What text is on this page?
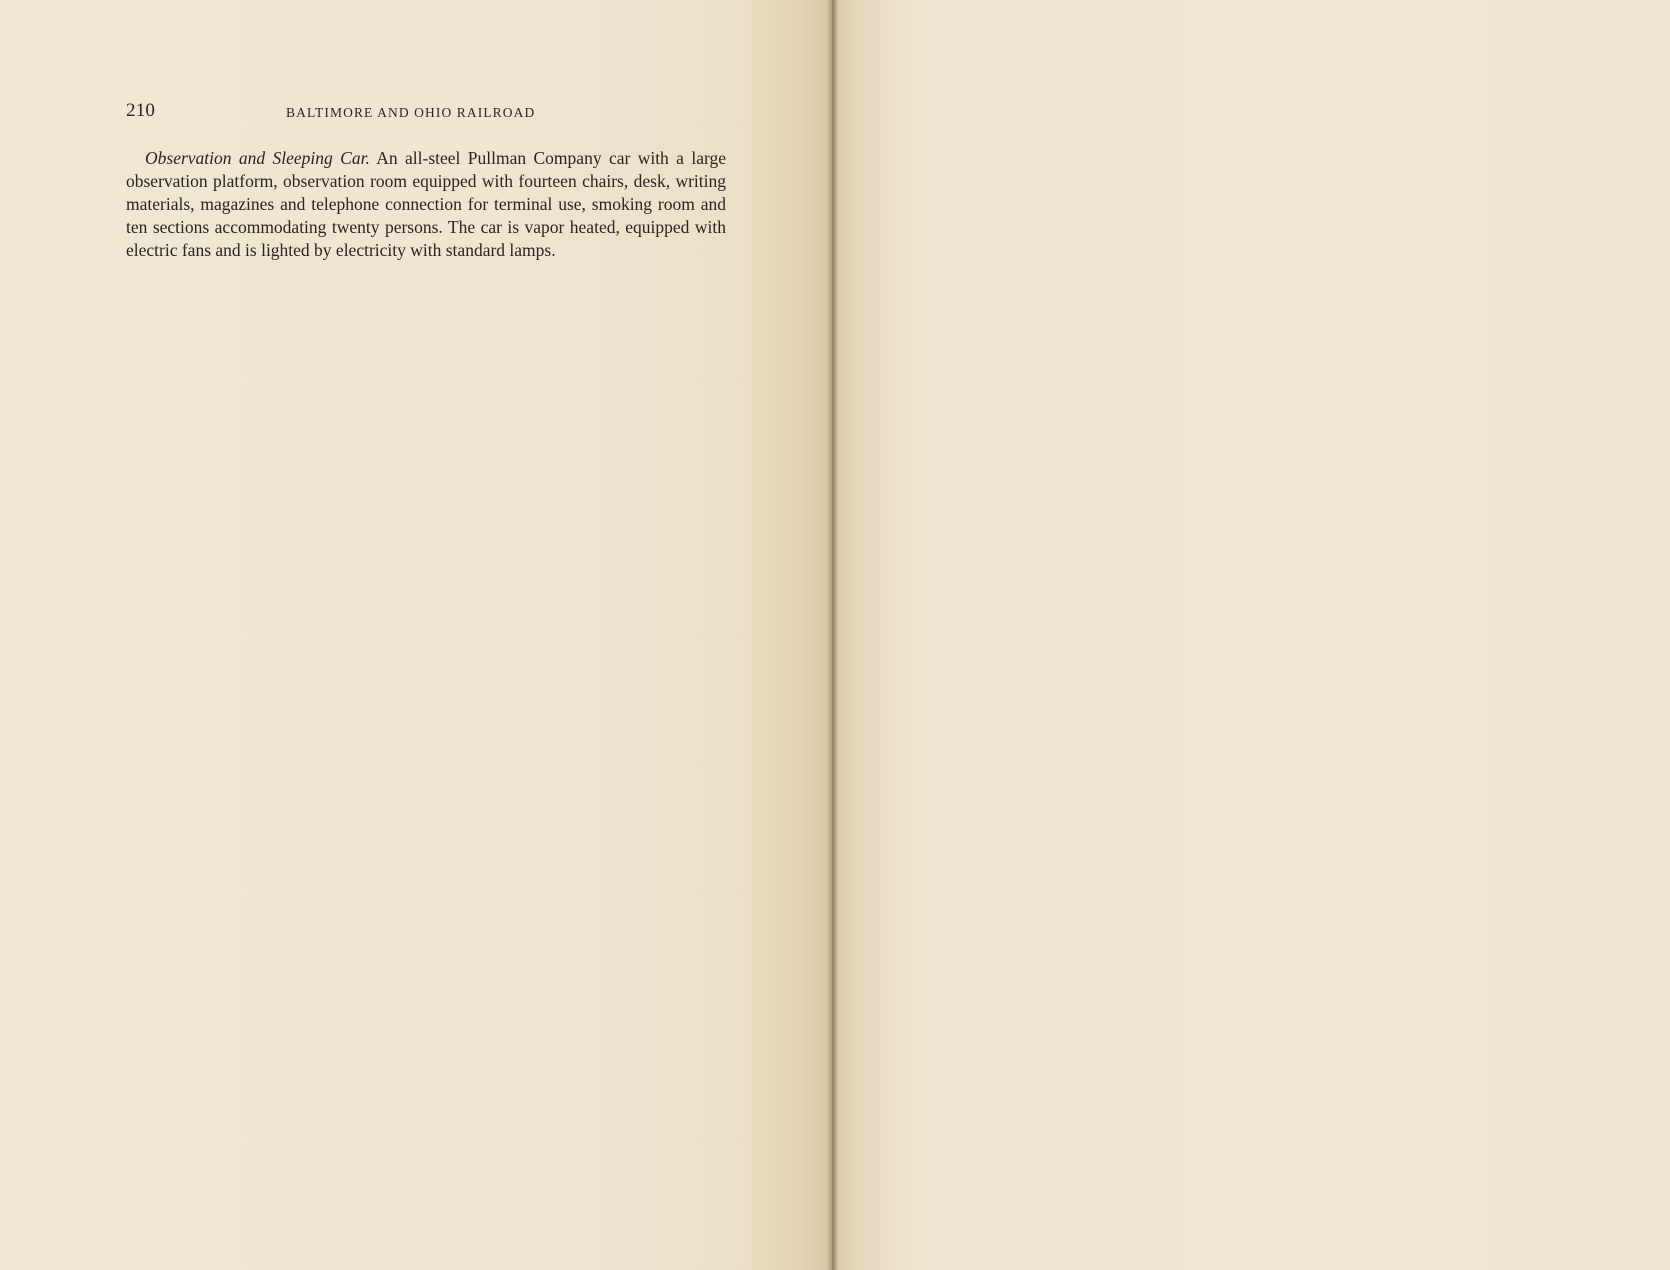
210	BALTIMORE AND OHIO RAILROAD

Observation and Sleeping Car. An all-steel Pullman Company car with a large observation platform, observation room equipped with fourteen chairs, desk, writing materials, magazines and telephone connection for terminal use, smoking room and ten sections accommodating twenty persons. The car is vapor heated, equipped with electric fans and is lighted by electricity with standard lamps.
